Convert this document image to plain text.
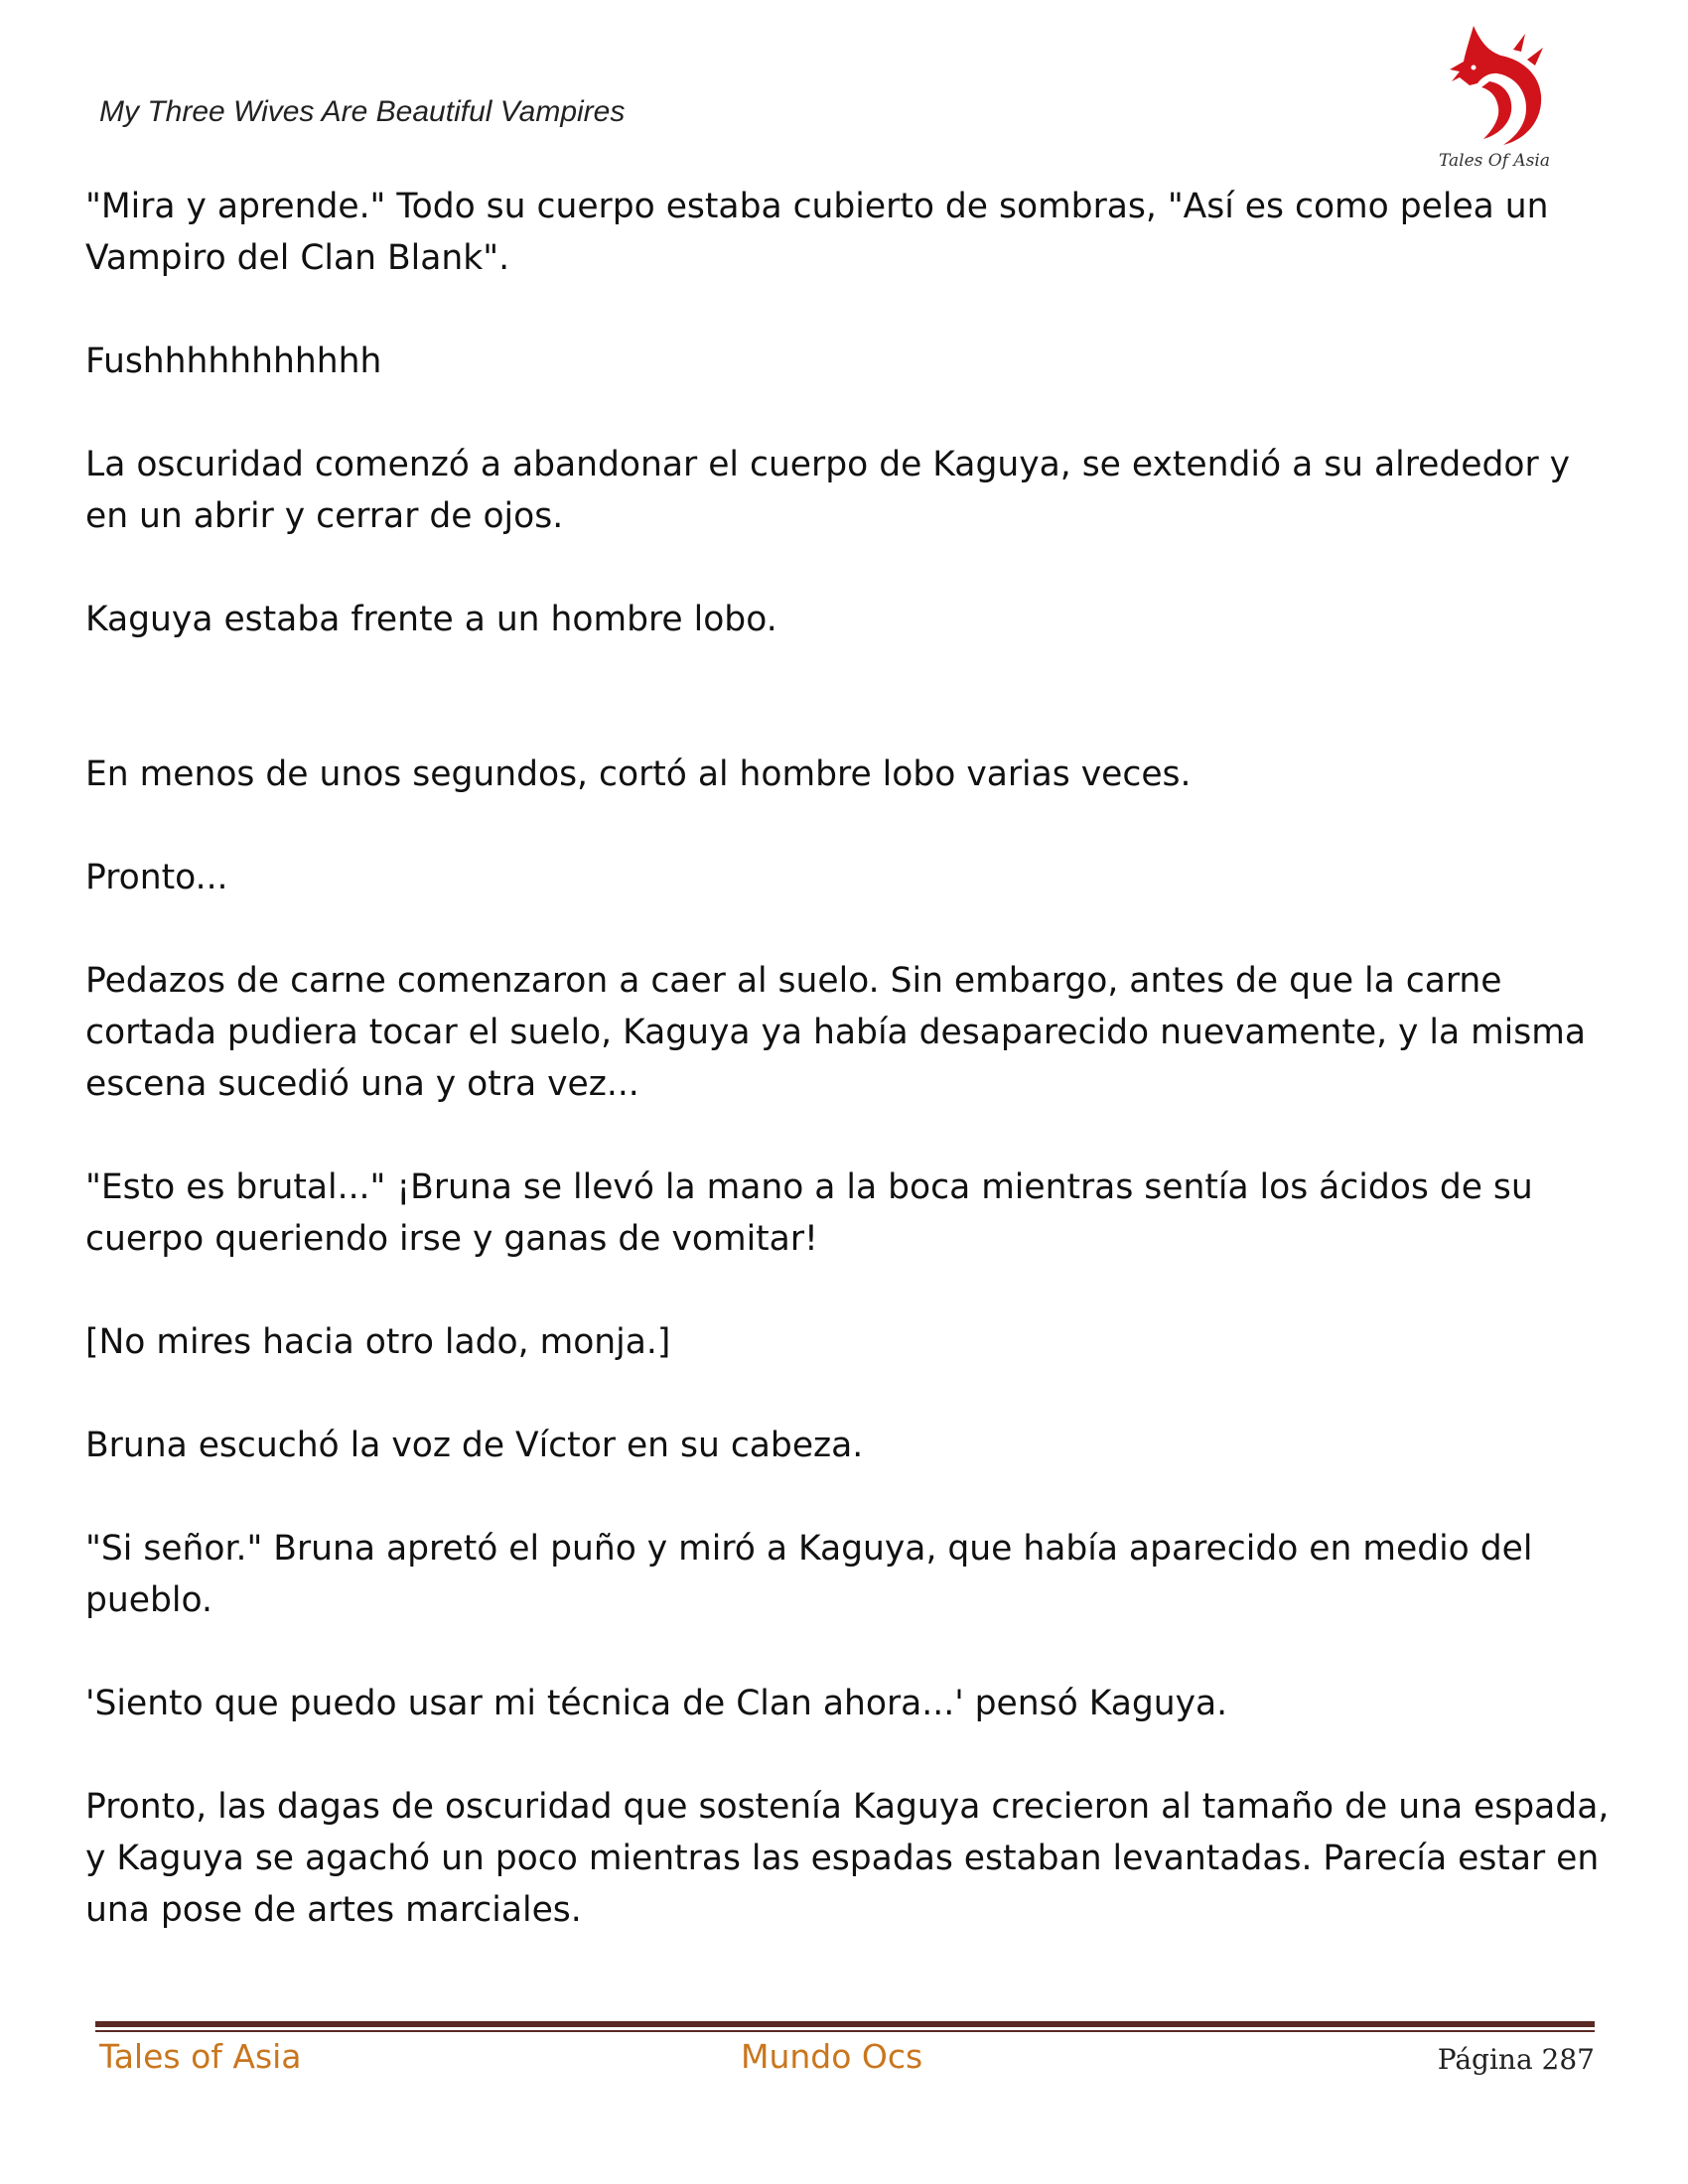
My Three Wives Are Beautiful Vampires
Tales Of Asia

"Mira y aprende." Todo su cuerpo estaba cubierto de sombras, "Así es como pelea un Vampiro del Clan Blank".

Fushhhhhhhhhhh

La oscuridad comenzó a abandonar el cuerpo de Kaguya, se extendió a su alrededor y en un abrir y cerrar de ojos.

Kaguya estaba frente a un hombre lobo.

En menos de unos segundos, cortó al hombre lobo varias veces.

Pronto...

Pedazos de carne comenzaron a caer al suelo. Sin embargo, antes de que la carne cortada pudiera tocar el suelo, Kaguya ya había desaparecido nuevamente, y la misma escena sucedió una y otra vez...

"Esto es brutal..." ¡Bruna se llevó la mano a la boca mientras sentía los ácidos de su cuerpo queriendo irse y ganas de vomitar!

[No mires hacia otro lado, monja.]

Bruna escuchó la voz de Víctor en su cabeza.

"Si señor." Bruna apretó el puño y miró a Kaguya, que había aparecido en medio del pueblo.

'Siento que puedo usar mi técnica de Clan ahora...' pensó Kaguya.

Pronto, las dagas de oscuridad que sostenía Kaguya crecieron al tamaño de una espada, y Kaguya se agachó un poco mientras las espadas estaban levantadas. Parecía estar en una pose de artes marciales.

Tales of Asia	Mundo Ocs	Página 287
